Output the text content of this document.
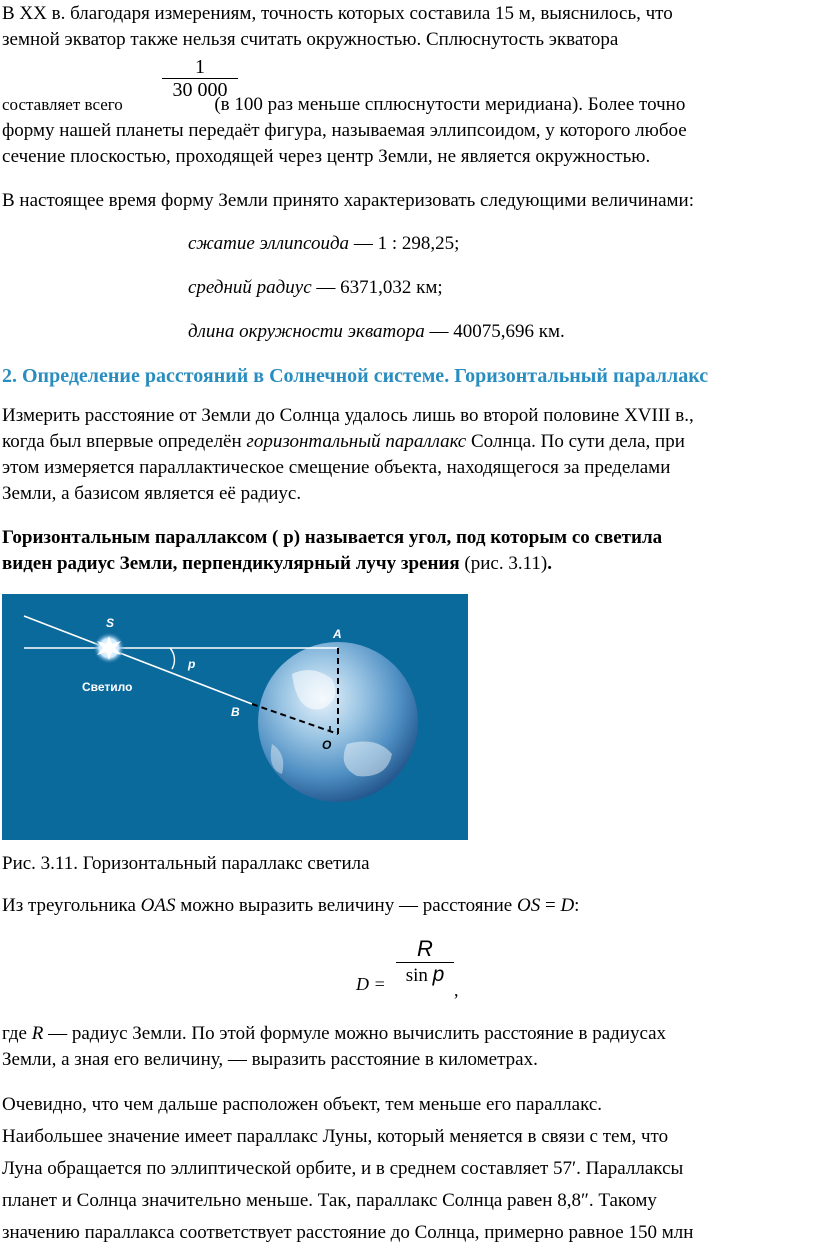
В XX в. благодаря измерениям, точность которых составила 15 м, выяснилось, что
земной экватор также нельзя считать окружностью. Сплюснутость экватора
1
30 000
составляет всего	(в 100 раз меньше сплюснутости меридиана). Более точно
форму нашей планеты передаёт фигура, называемая эллипсоидом, у которого любое
сечение плоскостью, проходящей через центр Земли, не является окружностью.
В настоящее время форму Земли принято характеризовать следующими величинами:
сжатие эллипсоида — 1 : 298,25;
средний радиус — 6371,032 км;
длина окружности экватора — 40075,696 км.
2. Определение расстояний в Солнечной системе. Горизонтальный параллакс
Измерить расстояние от Земли до Солнца удалось лишь во второй половине XVIII в.,
когда был впервые определён горизонтальный параллакс Солнца. По сути дела, при
этом измеряется параллактическое смещение объекта, находящегося за пределами
Земли, а базисом является её радиус.
Горизонтальным параллаксом ( p) называется угол, под которым со светила
виден радиус Земли, перпендикулярный лучу зрения (рис. 3.11).
S
A
p
B
O
Светило
Рис. 3.11. Горизонтальный параллакс светила
Из треугольника OAS можно выразить величину — расстояние OS = D:
D =
R
sin p
,
где R — радиус Земли. По этой формуле можно вычислить расстояние в радиусах
Земли, а зная его величину, — выразить расстояние в километрах.
Очевидно, что чем дальше расположен объект, тем меньше его параллакс.
Наибольшее значение имеет параллакс Луны, который меняется в связи с тем, что
Луна обращается по эллиптической орбите, и в среднем составляет 57′. Параллаксы
планет и Солнца значительно меньше. Так, параллакс Солнца равен 8,8″. Такому
значению параллакса соответствует расстояние до Солнца, примерно равное 150 млн
